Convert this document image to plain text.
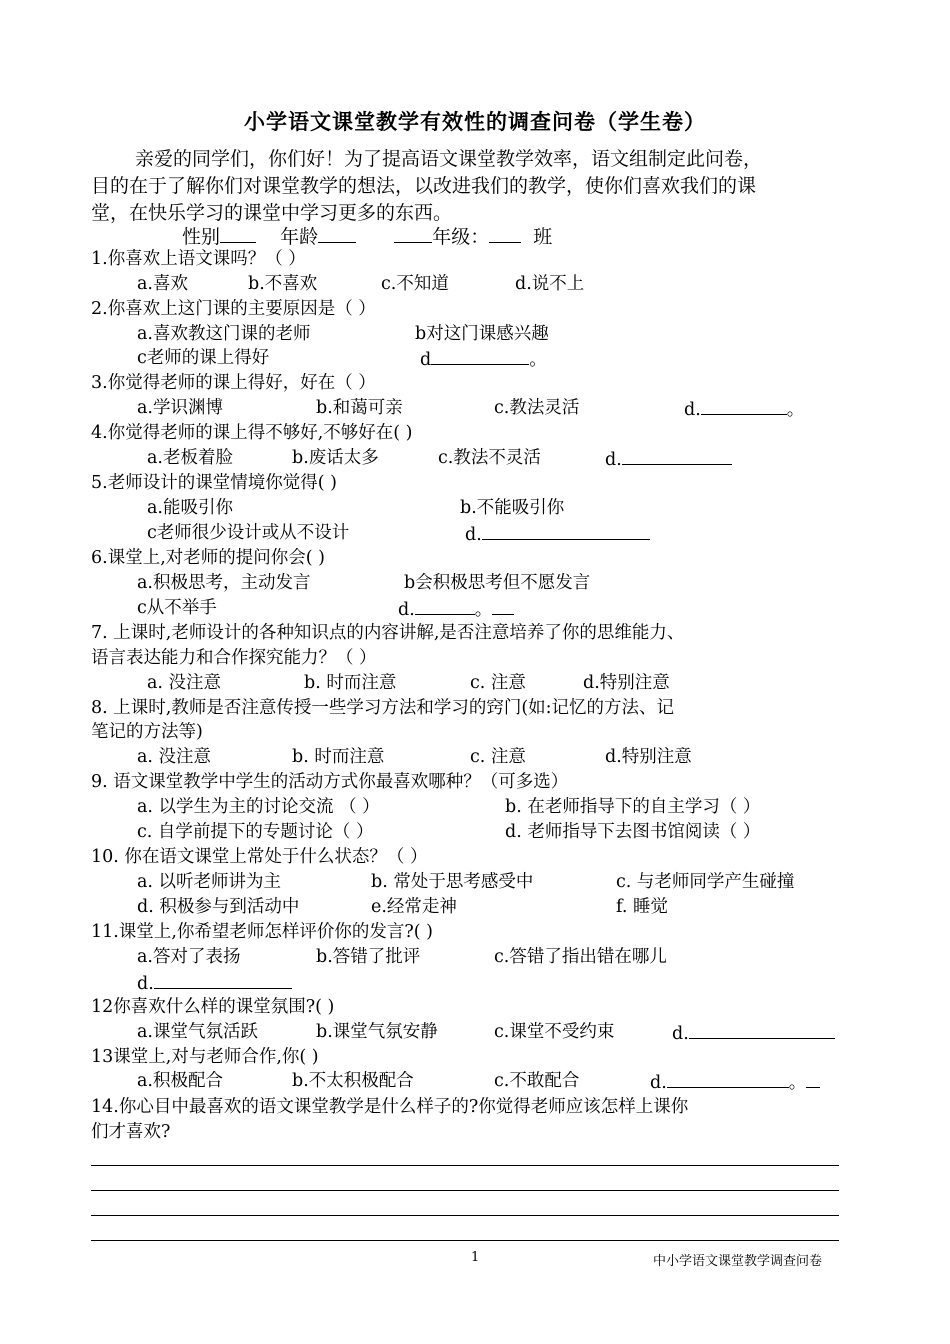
小学语文课堂教学有效性的调查问卷（学生卷）
亲爱的同学们，你们好！为了提高语文课堂教学效率，语文组制定此问卷，
目的在于了解你们对课堂教学的想法，以改进我们的教学，使你们喜欢我们的课
堂，在快乐学习的课堂中学习更多的东西。
性别	年龄	年级： 班
1.你喜欢上语文课吗？（ ）
a.喜欢	b.不喜欢	c.不知道	d.说不上
2.你喜欢上这门课的主要原因是（ ）
a.喜欢教这门课的老师	b对这门课感兴趣
c老师的课上得好	d	。
3.你觉得老师的课上得好，好在（ ）
a.学识渊博	b.和蔼可亲	c.教法灵活	d.	。
4.你觉得老师的课上得不够好,不够好在( )
a.老板着脸	b.废话太多	c.教法不灵活	d.
5.老师设计的课堂情境你觉得( )
a.能吸引你	b.不能吸引你
c老师很少设计或从不设计	d.
6.课堂上,对老师的提问你会( )
a.积极思考，主动发言	b会积极思考但不愿发言
c从不举手	d.	。
7. 上课时,老师设计的各种知识点的内容讲解,是否注意培养了你的思维能力、
语言表达能力和合作探究能力？（ ）
a. 没注意	b. 时而注意	c. 注意	d.特别注意
8. 上课时,教师是否注意传授一些学习方法和学习的窍门(如:记忆的方法、记
笔记的方法等)
a. 没注意	b. 时而注意	c. 注意	d.特别注意
9. 语文课堂教学中学生的活动方式你最喜欢哪种？（可多选）
a. 以学生为主的讨论交流 （ ）	b. 在老师指导下的自主学习（ ）
c. 自学前提下的专题讨论（ ）	d. 老师指导下去图书馆阅读（ ）
10. 你在语文课堂上常处于什么状态？（ ）
a. 以听老师讲为主	b. 常处于思考感受中	c. 与老师同学产生碰撞
d. 积极参与到活动中	e.经常走神	f. 睡觉
11.课堂上,你希望老师怎样评价你的发言?( )
a.答对了表扬	b.答错了批评	c.答错了指出错在哪儿
d.
12你喜欢什么样的课堂氛围?( )
a.课堂气氛活跃	b.课堂气氛安静	c.课堂不受约束	d.
13课堂上,对与老师合作,你( )
a.积极配合	b.不太积极配合	c.不敢配合	d.	。
14.你心目中最喜欢的语文课堂教学是什么样子的?你觉得老师应该怎样上课你
们才喜欢?
1	中小学语文课堂教学调查问卷
